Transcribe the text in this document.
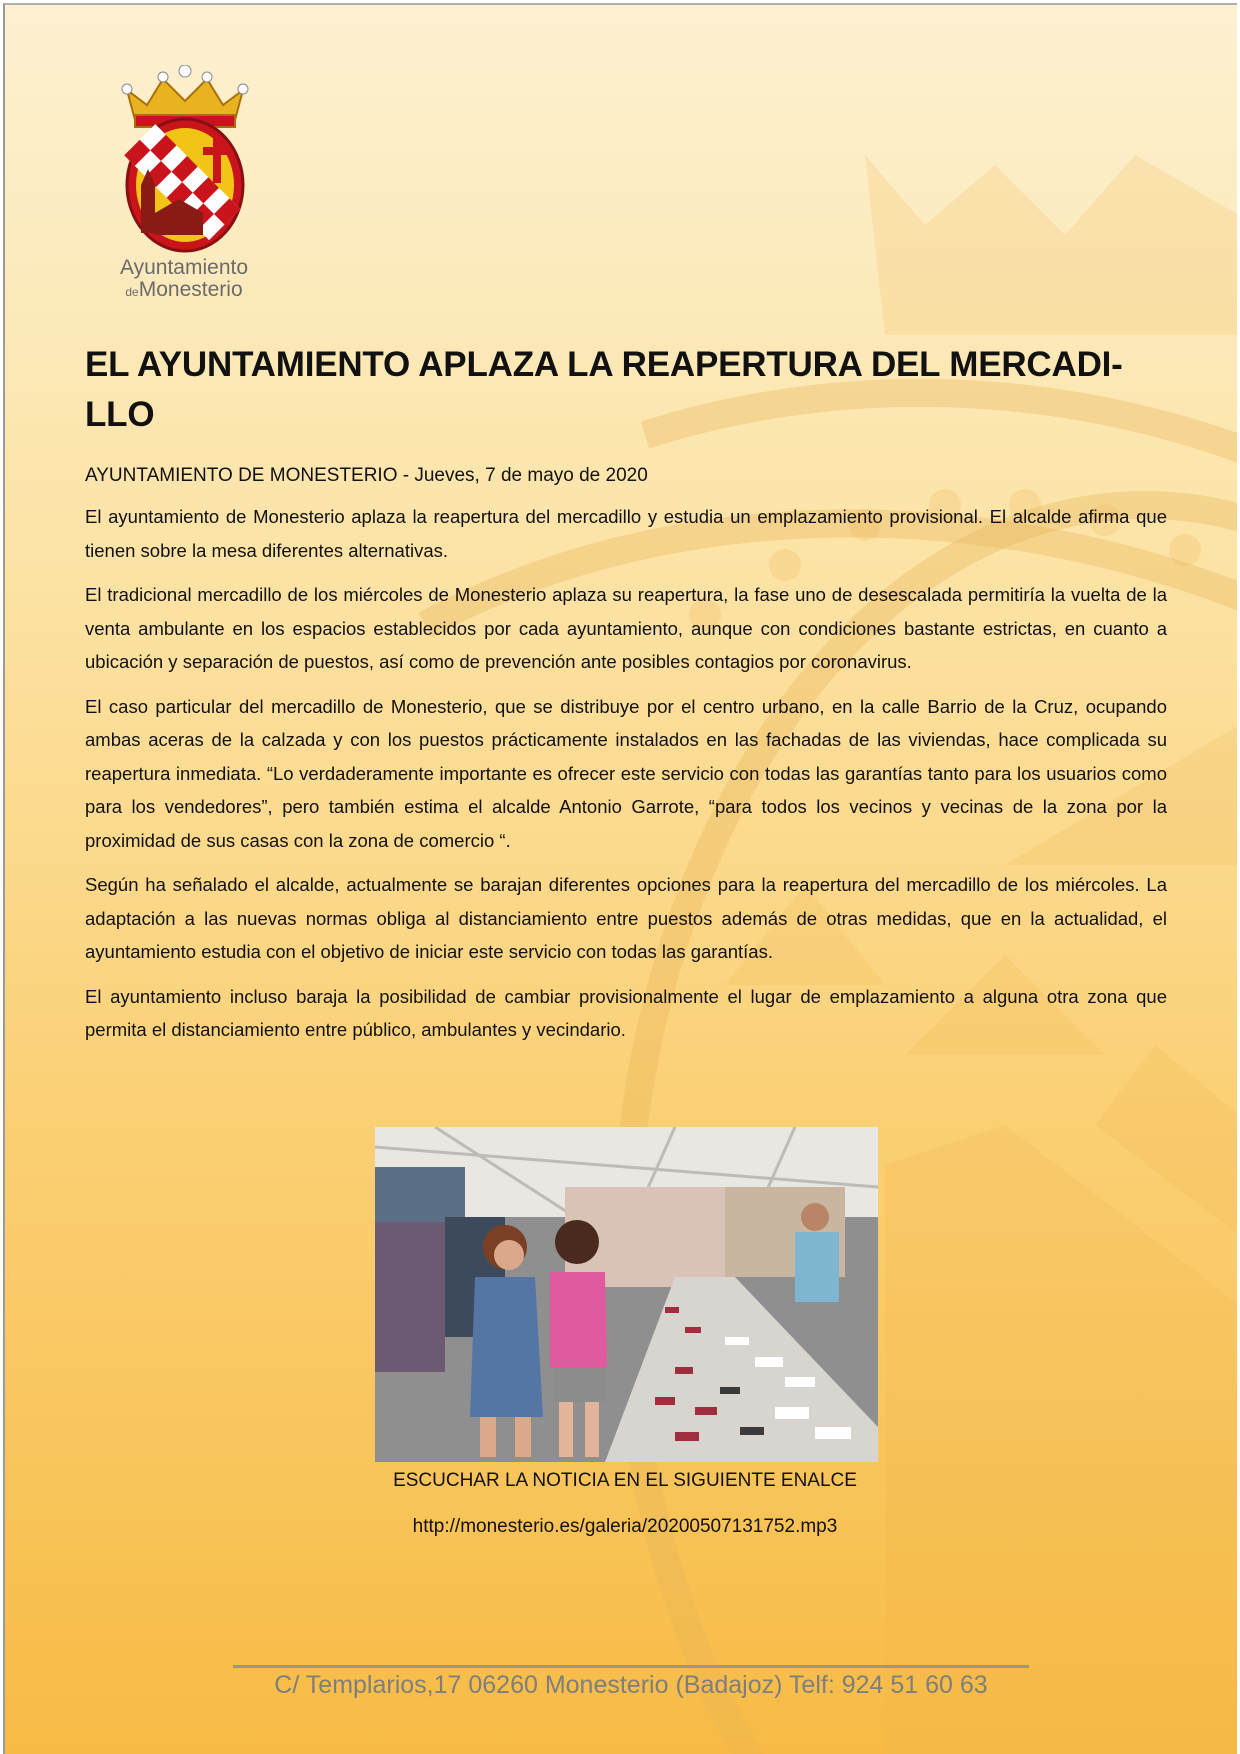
Ayuntamiento
deMonesterio
EL AYUNTAMIENTO APLAZA LA REAPERTURA DEL MERCADI-LLO

AYUNTAMIENTO DE MONESTERIO - Jueves, 7 de mayo de 2020

El ayuntamiento de Monesterio aplaza la reapertura del mercadillo y estudia un emplazamiento provisional. El alcalde afirma que tienen sobre la mesa diferentes alternativas.

El tradicional mercadillo de los miércoles de Monesterio aplaza su reapertura, la fase uno de desescalada permitiría la vuelta de la venta ambulante en los espacios establecidos por cada ayuntamiento, aunque con condiciones bastante estrictas, en cuanto a ubicación y separación de puestos, así como de prevención ante posibles contagios por coronavirus.

El caso particular del mercadillo de Monesterio, que se distribuye por el centro urbano, en la calle Barrio de la Cruz, ocupando ambas aceras de la calzada y con los puestos prácticamente instalados en las fachadas de las viviendas, hace complicada su reapertura inmediata. “Lo verdaderamente importante es ofrecer este servicio con todas las garantías tanto para los usuarios como para los vendedores”, pero también estima el alcalde Antonio Garrote, “para todos los vecinos y vecinas de la zona por la proximidad de sus casas con la zona de comercio “.

Según ha señalado el alcalde, actualmente se barajan diferentes opciones para la reapertura del mercadillo de los miércoles. La adaptación a las nuevas normas obliga al distanciamiento entre puestos además de otras medidas, que en la actualidad, el ayuntamiento estudia con el objetivo de iniciar este servicio con todas las garantías.

El ayuntamiento incluso baraja la posibilidad de cambiar provisionalmente el lugar de emplazamiento a alguna otra zona que permita el distanciamiento entre público, ambulantes y vecindario.

ESCUCHAR LA NOTICIA EN EL SIGUIENTE ENALCE
http://monesterio.es/galeria/20200507131752.mp3
C/ Templarios,17 06260 Monesterio (Badajoz) Telf: 924 51 60 63
